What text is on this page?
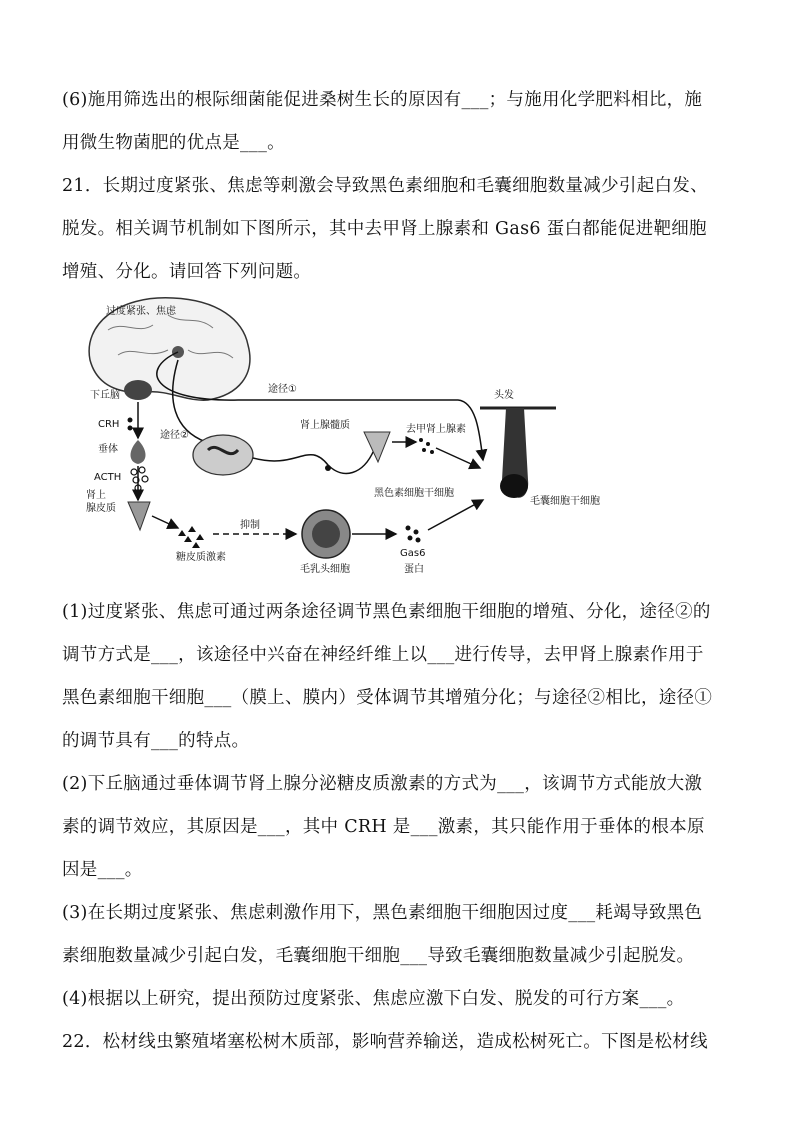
(6)施用筛选出的根际细菌能促进桑树生长的原因有___；与施用化学肥料相比，施
用微生物菌肥的优点是___。
21．长期过度紧张、焦虑等刺激会导致黑色素细胞和毛囊细胞数量减少引起白发、
脱发。相关调节机制如下图所示，其中去甲肾上腺素和 Gas6 蛋白都能促进靶细胞
增殖、分化。请回答下列问题。
过度紧张、焦虑
下丘脑
CRH
垂体
ACTH
肾上
腺皮质
糖皮质激素
抑制
毛乳头细胞
Gas6
蛋白
途径①
途径②
肾上腺髓质	去甲肾上腺素
头发
黑色素细胞干细胞
毛囊细胞干细胞
(1)过度紧张、焦虑可通过两条途径调节黑色素细胞干细胞的增殖、分化，途径②的
调节方式是___，该途径中兴奋在神经纤维上以___进行传导，去甲肾上腺素作用于
黑色素细胞干细胞___（膜上、膜内）受体调节其增殖分化；与途径②相比，途径①
的调节具有___的特点。
(2)下丘脑通过垂体调节肾上腺分泌糖皮质激素的方式为___，该调节方式能放大激
素的调节效应，其原因是___，其中 CRH 是___激素，其只能作用于垂体的根本原
因是___。
(3)在长期过度紧张、焦虑刺激作用下，黑色素细胞干细胞因过度___耗竭导致黑色
素细胞数量减少引起白发，毛囊细胞干细胞___导致毛囊细胞数量减少引起脱发。
(4)根据以上研究，提出预防过度紧张、焦虑应激下白发、脱发的可行方案___。
22．松材线虫繁殖堵塞松树木质部，影响营养输送，造成松树死亡。下图是松材线
